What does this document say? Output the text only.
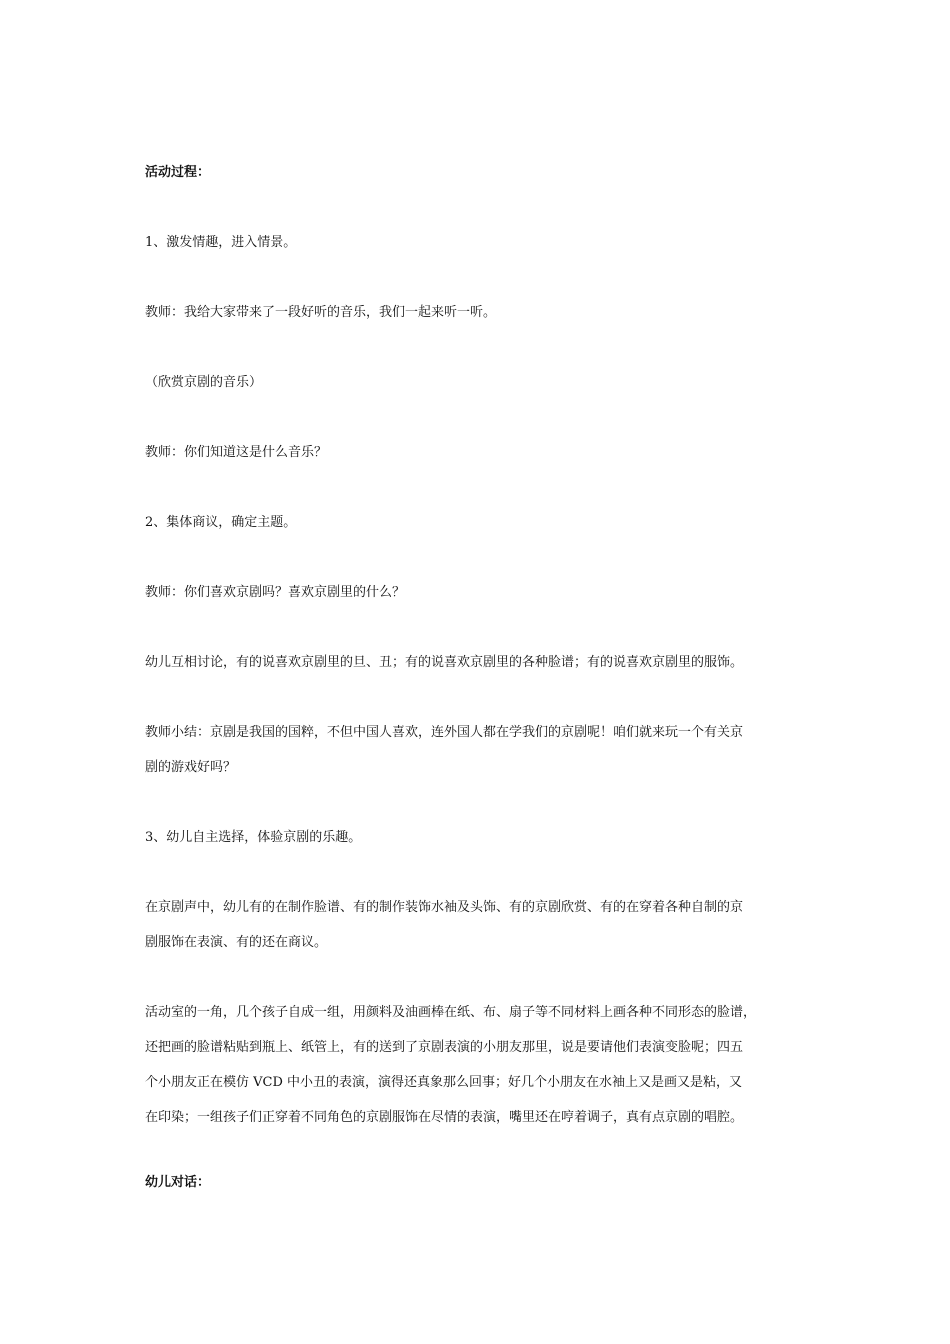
活动过程：
1、激发情趣，进入情景。
教师：我给大家带来了一段好听的音乐，我们一起来听一听。
（欣赏京剧的音乐）
教师：你们知道这是什么音乐？
2、集体商议，确定主题。
教师：你们喜欢京剧吗？喜欢京剧里的什么？
幼儿互相讨论，有的说喜欢京剧里的旦、丑；有的说喜欢京剧里的各种脸谱；有的说喜欢京剧里的服饰。
教师小结：京剧是我国的国粹，不但中国人喜欢，连外国人都在学我们的京剧呢！咱们就来玩一个有关京
剧的游戏好吗？
3、幼儿自主选择，体验京剧的乐趣。
在京剧声中，幼儿有的在制作脸谱、有的制作装饰水袖及头饰、有的京剧欣赏、有的在穿着各种自制的京
剧服饰在表演、有的还在商议。
活动室的一角，几个孩子自成一组，用颜料及油画棒在纸、布、扇子等不同材料上画各种不同形态的脸谱，
还把画的脸谱粘贴到瓶上、纸管上，有的送到了京剧表演的小朋友那里，说是要请他们表演变脸呢；四五
个小朋友正在模仿 VCD 中小丑的表演，演得还真象那么回事；好几个小朋友在水袖上又是画又是粘，又
在印染；一组孩子们正穿着不同角色的京剧服饰在尽情的表演，嘴里还在哼着调子，真有点京剧的唱腔。
幼儿对话：
